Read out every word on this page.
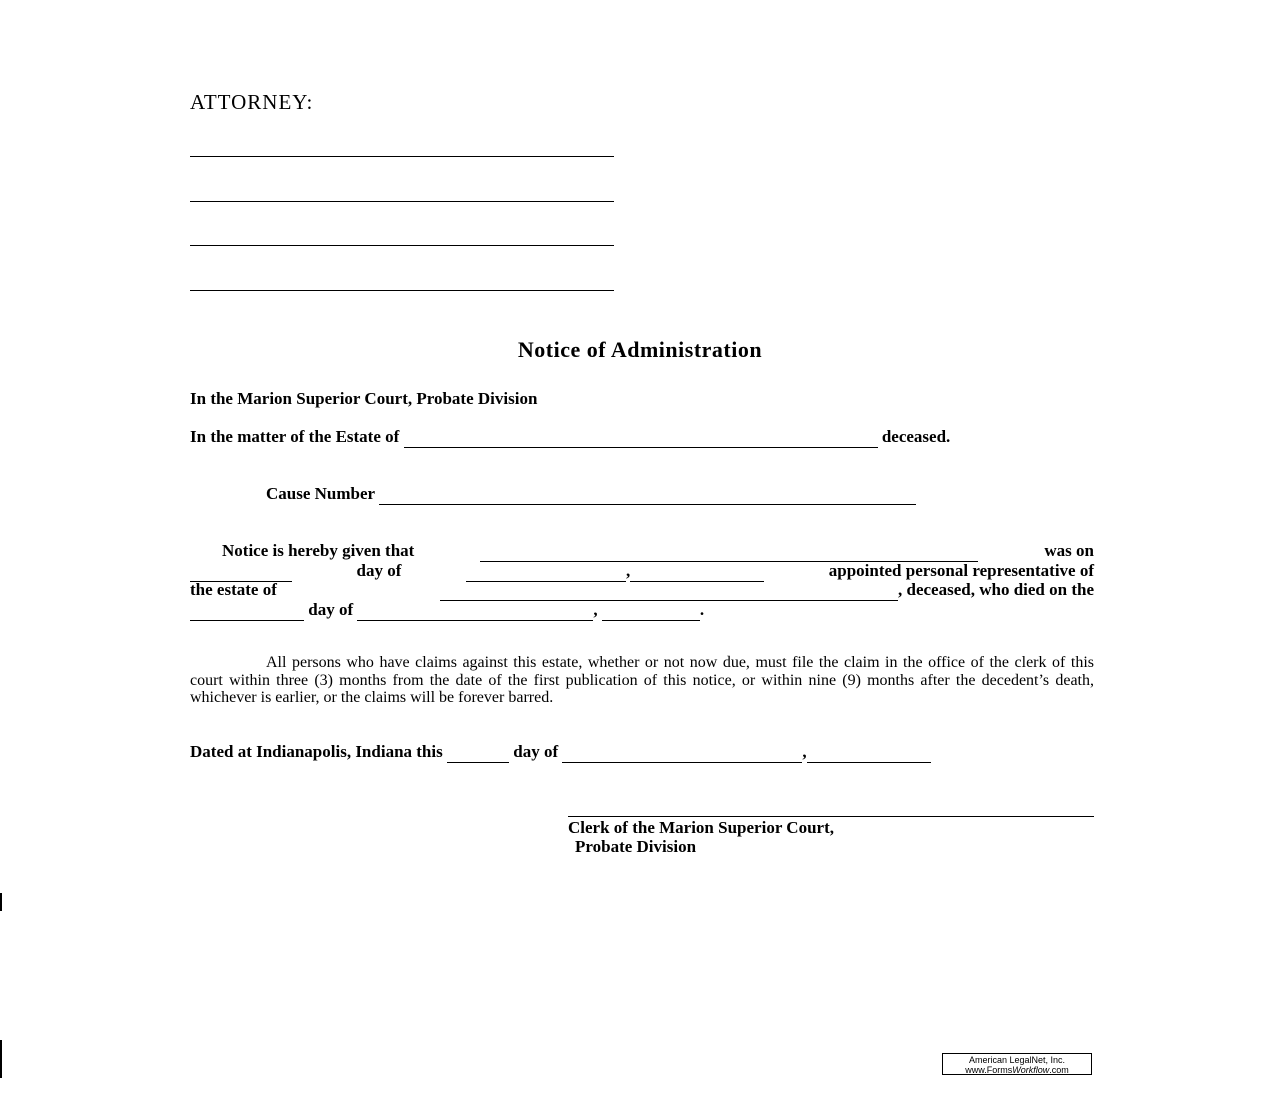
ATTORNEY:
Notice of Administration
In the Marion Superior Court, Probate Division
In the matter of the Estate of	deceased.
Cause Number
Notice is hereby given that
	was on

day of	,	appointed personal representative of
the estate of	, deceased, who died on the
day of	,	.
All persons who have claims against this estate, whether or not now due, must file the claim in the office of the clerk of this court within three (3) months from the date of the first publication of this notice, or within nine (9) months after the decedent’s death, whichever is earlier, or the claims will be forever barred.
Dated at Indianapolis, Indiana this	day of	,
Clerk of the Marion Superior Court,
Probate Division
American LegalNet, Inc.
www.FormsWorkflow.com
